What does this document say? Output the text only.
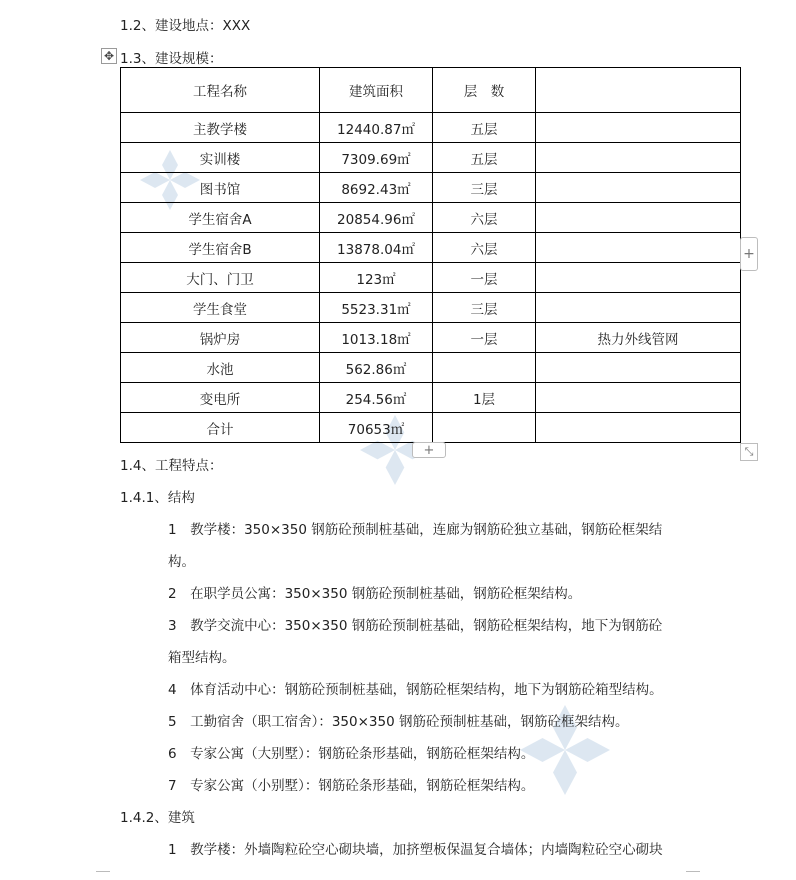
1.2、建设地点：XXX
✥ 1.3、建设规模：
工程名称	建筑面积	层　数	
主教学楼	12440.87㎡	五层	
实训楼	7309.69㎡	五层	
图书馆	8692.43㎡	三层	
学生宿舍A	20854.96㎡	六层	
学生宿舍B	13878.04㎡	六层	
大门、门卫	123㎡	一层	
学生食堂	5523.31㎡	三层	
锅炉房	1013.18㎡	一层	热力外线管网
水池	562.86㎡		
变电所	254.56㎡	1层	
合计	70653㎡		
+
+	⤡
1.4、工程特点：
1.4.1、结构
1　教学楼：350×350 钢筋砼预制桩基础，连廊为钢筋砼独立基础，钢筋砼框架结
构。
2　在职学员公寓：350×350 钢筋砼预制桩基础，钢筋砼框架结构。
3　教学交流中心：350×350 钢筋砼预制桩基础，钢筋砼框架结构，地下为钢筋砼
箱型结构。
4　体育活动中心：钢筋砼预制桩基础，钢筋砼框架结构，地下为钢筋砼箱型结构。
5　工勤宿舍（职工宿舍）：350×350 钢筋砼预制桩基础，钢筋砼框架结构。
6　专家公寓（大别墅）：钢筋砼条形基础，钢筋砼框架结构。
7　专家公寓（小别墅）：钢筋砼条形基础，钢筋砼框架结构。
1.4.2、建筑
1　教学楼：外墙陶粒砼空心砌块墙，加挤塑板保温复合墙体；内墙陶粒砼空心砌块
